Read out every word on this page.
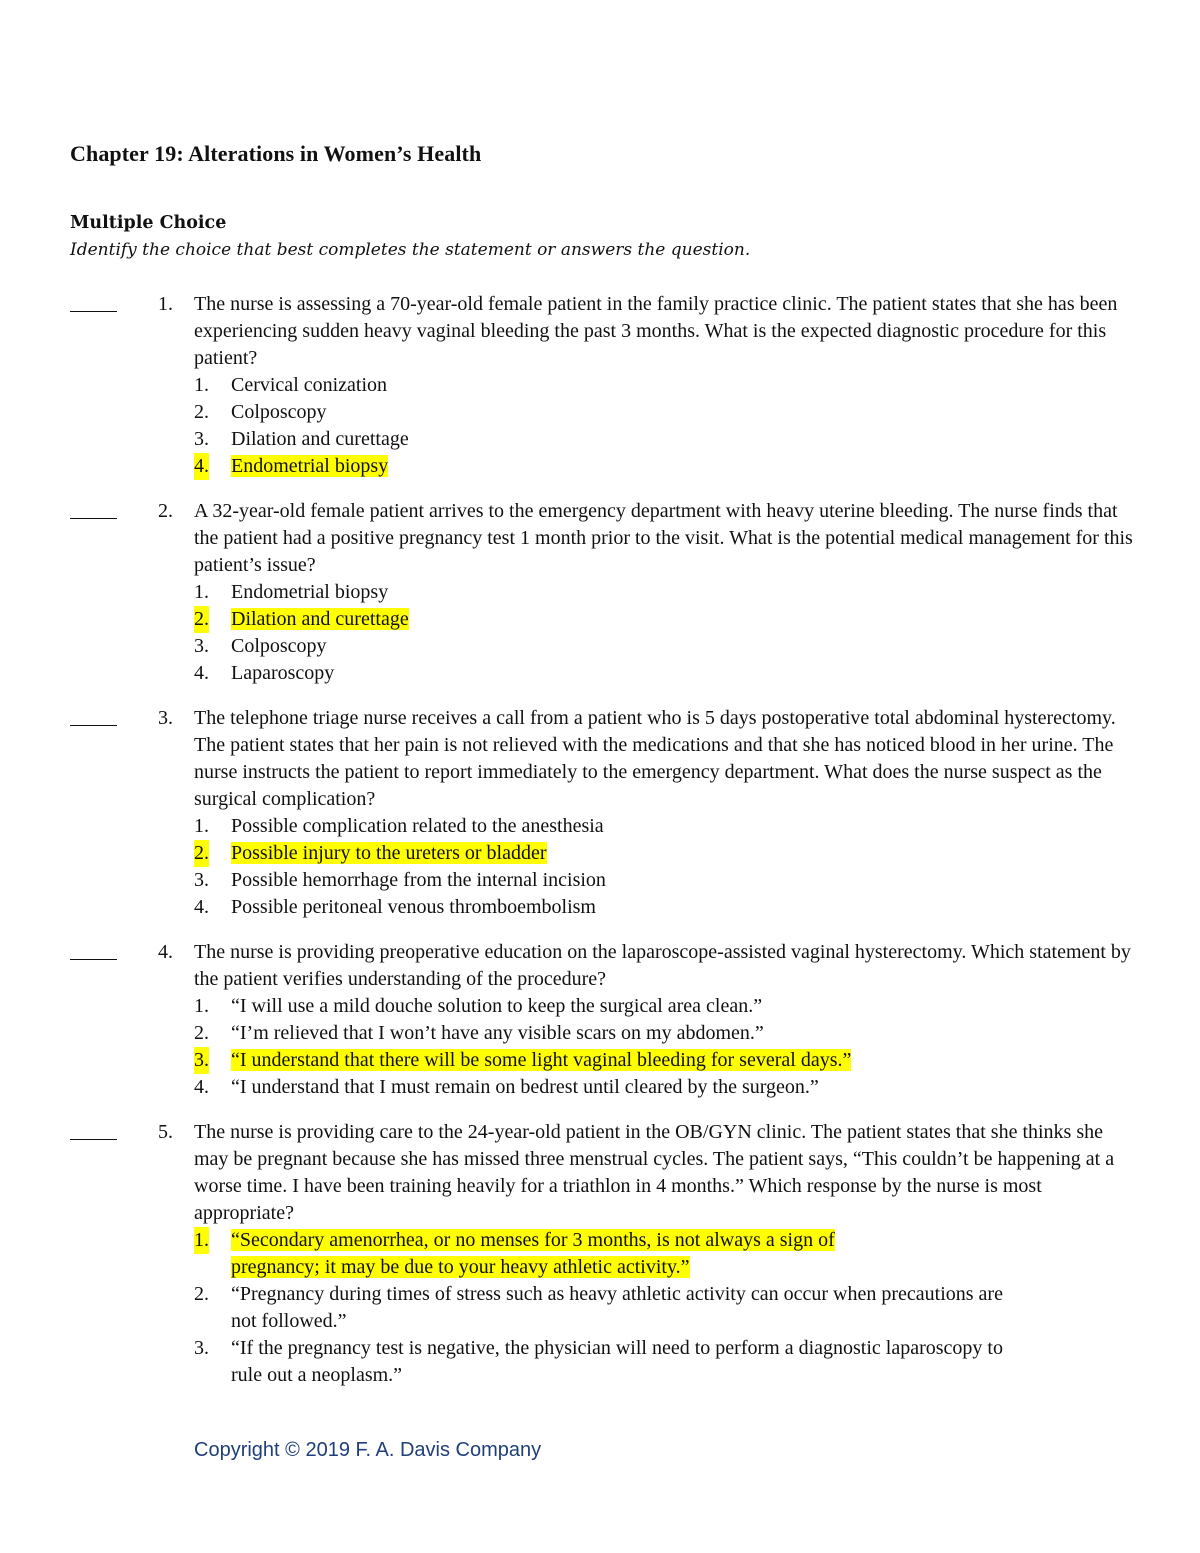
Chapter 19: Alterations in Women’s Health
Multiple Choice
Identify the choice that best completes the statement or answers the question.
1. The nurse is assessing a 70-year-old female patient in the family practice clinic. The patient states that she has been experiencing sudden heavy vaginal bleeding the past 3 months. What is the expected diagnostic procedure for this patient?
1. Cervical conization
2. Colposcopy
3. Dilation and curettage
4. Endometrial biopsy
2. A 32-year-old female patient arrives to the emergency department with heavy uterine bleeding. The nurse finds that the patient had a positive pregnancy test 1 month prior to the visit. What is the potential medical management for this patient’s issue?
1. Endometrial biopsy
2. Dilation and curettage
3. Colposcopy
4. Laparoscopy
3. The telephone triage nurse receives a call from a patient who is 5 days postoperative total abdominal hysterectomy. The patient states that her pain is not relieved with the medications and that she has noticed blood in her urine. The nurse instructs the patient to report immediately to the emergency department. What does the nurse suspect as the surgical complication?
1. Possible complication related to the anesthesia
2. Possible injury to the ureters or bladder
3. Possible hemorrhage from the internal incision
4. Possible peritoneal venous thromboembolism
4. The nurse is providing preoperative education on the laparoscope-assisted vaginal hysterectomy. Which statement by the patient verifies understanding of the procedure?
1. “I will use a mild douche solution to keep the surgical area clean.”
2. “I’m relieved that I won’t have any visible scars on my abdomen.”
3. “I understand that there will be some light vaginal bleeding for several days.”
4. “I understand that I must remain on bedrest until cleared by the surgeon.”
5. The nurse is providing care to the 24-year-old patient in the OB/GYN clinic. The patient states that she thinks she may be pregnant because she has missed three menstrual cycles. The patient says, “This couldn’t be happening at a worse time. I have been training heavily for a triathlon in 4 months.” Which response by the nurse is most appropriate?
1. “Secondary amenorrhea, or no menses for 3 months, is not always a sign of pregnancy; it may be due to your heavy athletic activity.”
2. “Pregnancy during times of stress such as heavy athletic activity can occur when precautions are not followed.”
3. “If the pregnancy test is negative, the physician will need to perform a diagnostic laparoscopy to rule out a neoplasm.”
Copyright © 2019 F. A. Davis Company
